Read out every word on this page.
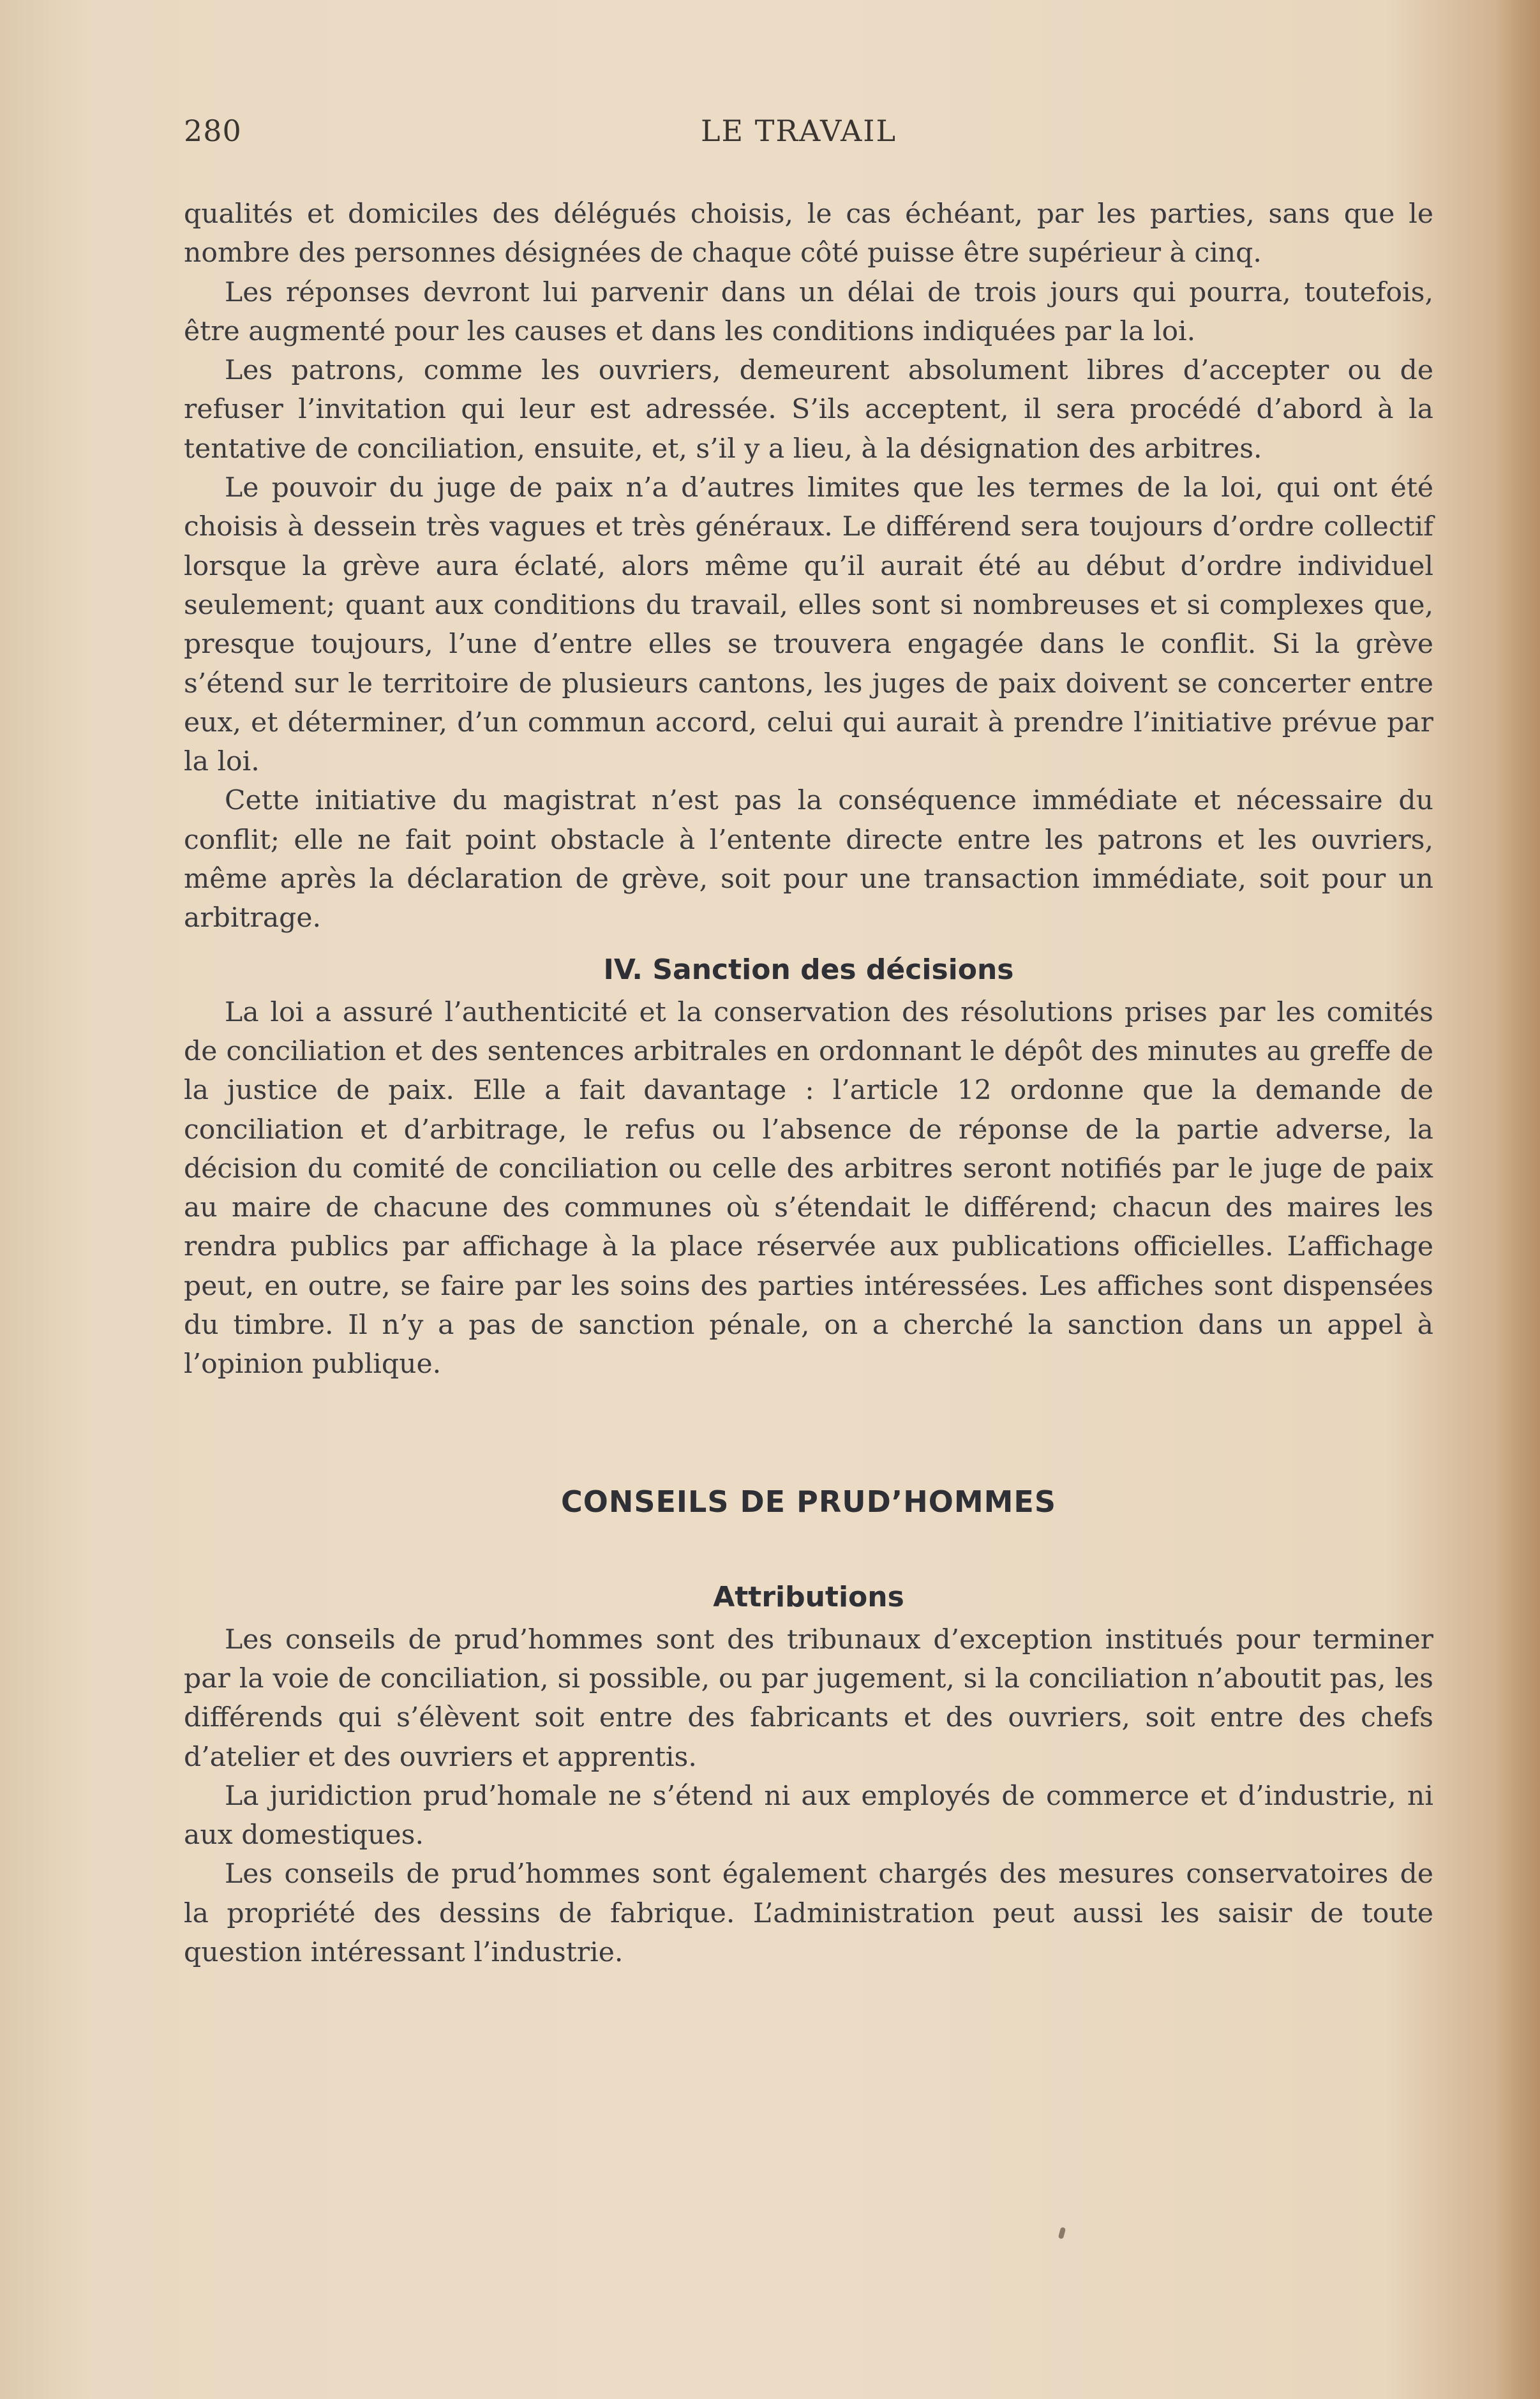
280	LE TRAVAIL

qualités et domiciles des délégués choisis, le cas échéant, par les parties, sans que le nombre des personnes désignées de chaque côté puisse être supérieur à cinq.

Les réponses devront lui parvenir dans un délai de trois jours qui pourra, toutefois, être augmenté pour les causes et dans les conditions indiquées par la loi.

Les patrons, comme les ouvriers, demeurent absolument libres d’accepter ou de refuser l’invitation qui leur est adressée. S’ils acceptent, il sera procédé d’abord à la tentative de conciliation, ensuite, et, s’il y a lieu, à la désignation des arbitres.

Le pouvoir du juge de paix n’a d’autres limites que les termes de la loi, qui ont été choisis à dessein très vagues et très généraux. Le différend sera toujours d’ordre collectif lorsque la grève aura éclaté, alors même qu’il aurait été au début d’ordre individuel seulement; quant aux conditions du travail, elles sont si nombreuses et si complexes que, presque toujours, l’une d’entre elles se trouvera engagée dans le conflit. Si la grève s’étend sur le territoire de plusieurs cantons, les juges de paix doivent se concerter entre eux, et déterminer, d’un commun accord, celui qui aurait à prendre l’initiative prévue par la loi.

Cette initiative du magistrat n’est pas la conséquence immédiate et nécessaire du conflit; elle ne fait point obstacle à l’entente directe entre les patrons et les ouvriers, même après la déclaration de grève, soit pour une transaction immédiate, soit pour un arbitrage.

IV. Sanction des décisions

La loi a assuré l’authenticité et la conservation des résolutions prises par les comités de conciliation et des sentences arbitrales en ordonnant le dépôt des minutes au greffe de la justice de paix. Elle a fait davantage : l’article 12 ordonne que la demande de conciliation et d’arbitrage, le refus ou l’absence de réponse de la partie adverse, la décision du comité de conciliation ou celle des arbitres seront notifiés par le juge de paix au maire de chacune des communes où s’étendait le différend; chacun des maires les rendra publics par affichage à la place réservée aux publications officielles. L’affichage peut, en outre, se faire par les soins des parties intéressées. Les affiches sont dispensées du timbre. Il n’y a pas de sanction pénale, on a cherché la sanction dans un appel à l’opinion publique.

CONSEILS DE PRUD’HOMMES
Attributions

Les conseils de prud’hommes sont des tribunaux d’exception institués pour terminer par la voie de conciliation, si possible, ou par jugement, si la conciliation n’aboutit pas, les différends qui s’élèvent soit entre des fabricants et des ouvriers, soit entre des chefs d’atelier et des ouvriers et apprentis.

La juridiction prud’homale ne s’étend ni aux employés de commerce et d’industrie, ni aux domestiques.

Les conseils de prud’hommes sont également chargés des mesures conservatoires de la propriété des dessins de fabrique. L’administration peut aussi les saisir de toute question intéressant l’industrie.
